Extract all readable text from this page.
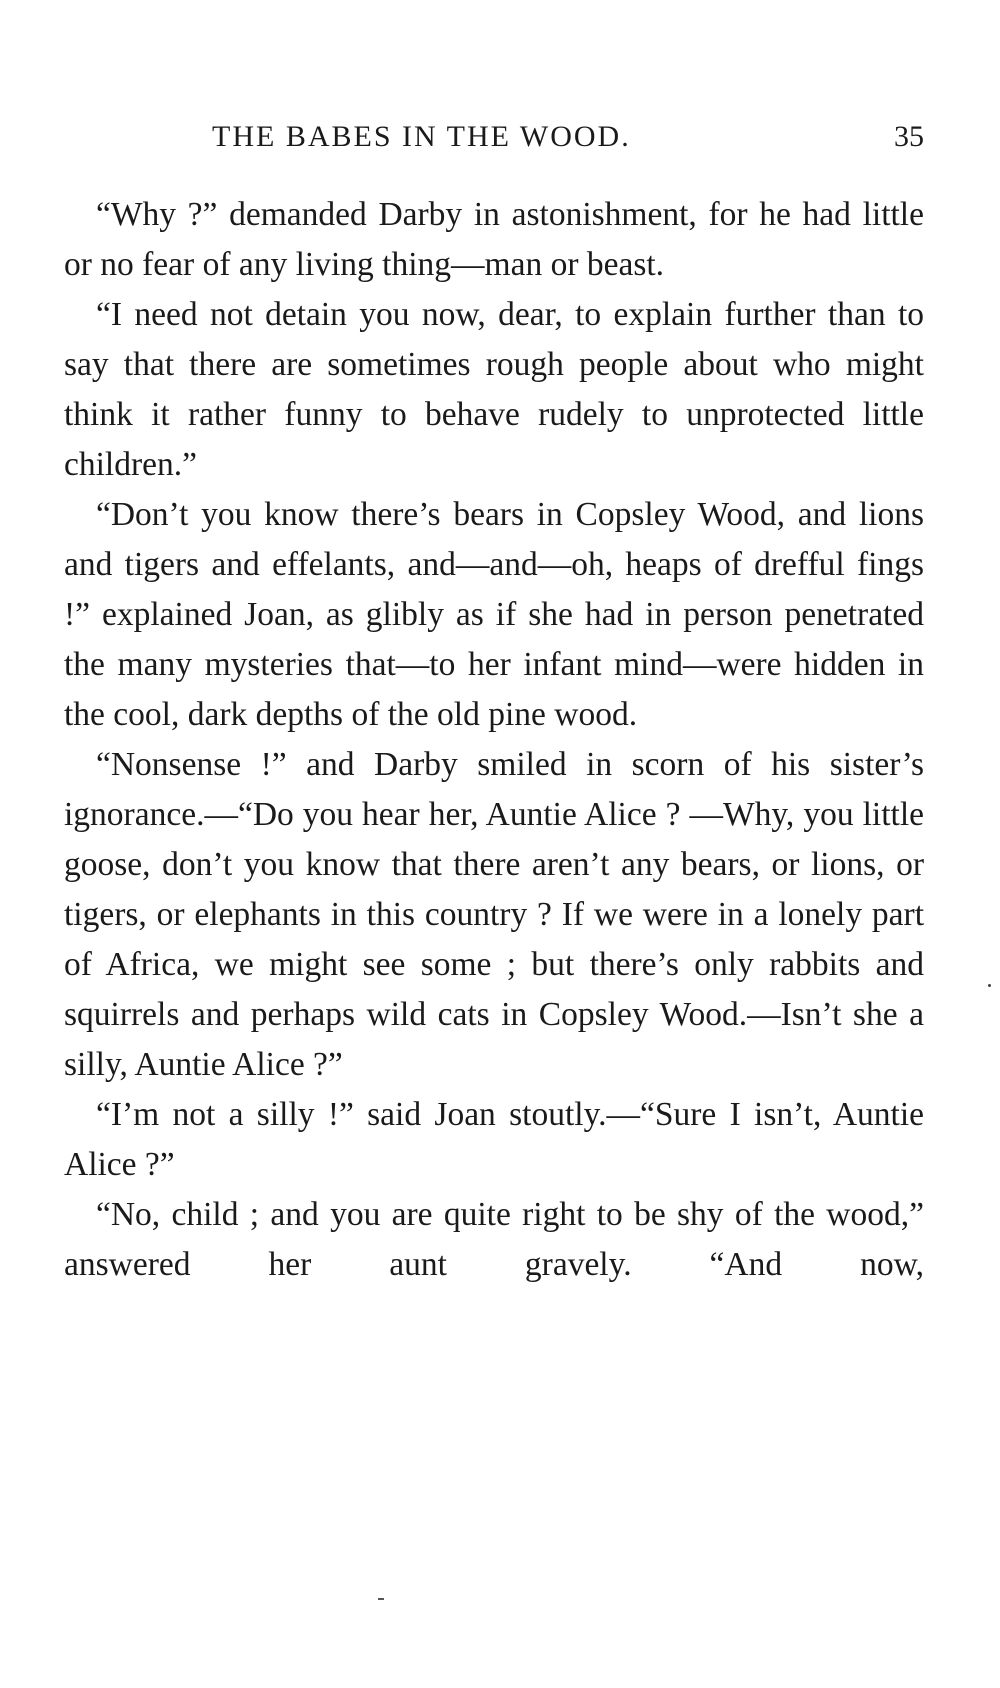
THE BABES IN THE WOOD.	35

“Why ?” demanded Darby in astonishment, for he had little or no fear of any living thing—man or beast.

“I need not detain you now, dear, to explain further than to say that there are sometimes rough people about who might think it rather funny to behave rudely to unprotected little children.”

“Don’t you know there’s bears in Copsley Wood, and lions and tigers and effelants, and—and—oh, heaps of drefful fings !” explained Joan, as glibly as if she had in person penetrated the many mysteries that—to her infant mind—were hidden in the cool, dark depths of the old pine wood.

“Nonsense !” and Darby smiled in scorn of his sister’s ignorance.—“Do you hear her, Auntie Alice ? —Why, you little goose, don’t you know that there aren’t any bears, or lions, or tigers, or elephants in this country ? If we were in a lonely part of Africa, we might see some ; but there’s only rabbits and squirrels and perhaps wild cats in Copsley Wood.—Isn’t she a silly, Auntie Alice ?”

“I’m not a silly !” said Joan stoutly.—“Sure I isn’t, Auntie Alice ?”

“No, child ; and you are quite right to be shy of the wood,” answered her aunt gravely. “And now,
